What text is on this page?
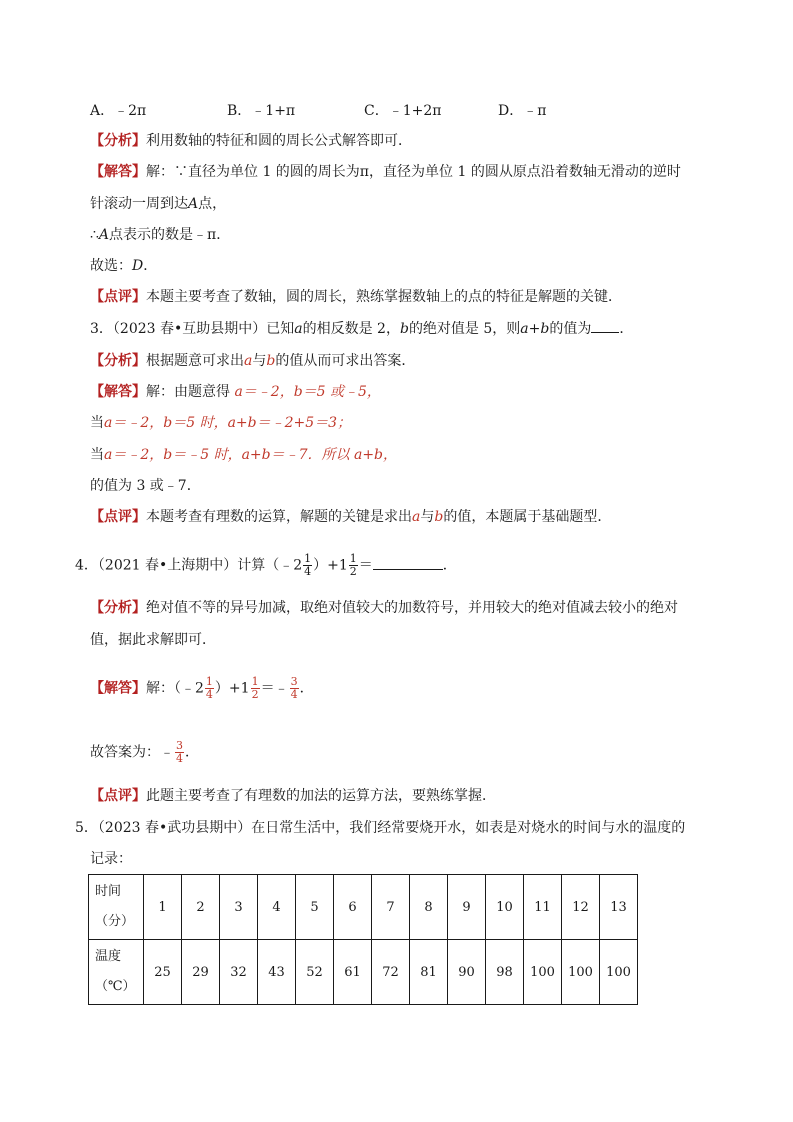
A．﹣2π	B．﹣1+π	C．﹣1+2π	D．﹣π
【分析】利用数轴的特征和圆的周长公式解答即可．
【解答】解：∵直径为单位 1 的圆的周长为π，直径为单位 1 的圆从原点沿着数轴无滑动的逆时
针滚动一周到达A点，
∴A点表示的数是﹣π．
故选：D．
【点评】本题主要考查了数轴，圆的周长，熟练掌握数轴上的点的特征是解题的关键．
3．（2023 春•互助县期中）已知a的相反数是 2，b的绝对值是 5，则a+b的值为 ．
【分析】根据题意可求出a与b的值从而可求出答案．
【解答】解：由题意得 a＝﹣2，b＝5 或﹣5，
当a＝﹣2，b＝5 时，a+b＝﹣2+5＝3；
当a＝﹣2，b＝﹣5 时，a+b＝﹣7．所以 a+b，
的值为 3 或﹣7．
【点评】本题考查有理数的运算，解题的关键是求出a与b的值，本题属于基础题型．
4．（2021 春•上海期中）计算（﹣2 $\frac{1}{4} )+1 \frac{1}{2}$ ＝	．
【分析】绝对值不等的异号加减，取绝对值较大的加数符号，并用较大的绝对值减去较小的绝对
值，据此求解即可．
【解答】解：（﹣2 $\frac{1}{4} )+1 \frac{1}{2}$ ＝﹣ $\frac{3}{4}$ ．
故答案为：﹣ $\frac{3}{4}$ ．
【点评】此题主要考查了有理数的加法的运算方法，要熟练掌握．
5．（2023 春•武功县期中）在日常生活中，我们经常要烧开水，如表是对烧水的时间与水的温度的
记录：
时间
（分）	1	2	3	4	5	6	7	8	9	10	11	12	13
温度
（℃）	25	29	32	43	52	61	72	81	90	98	100	100	100
